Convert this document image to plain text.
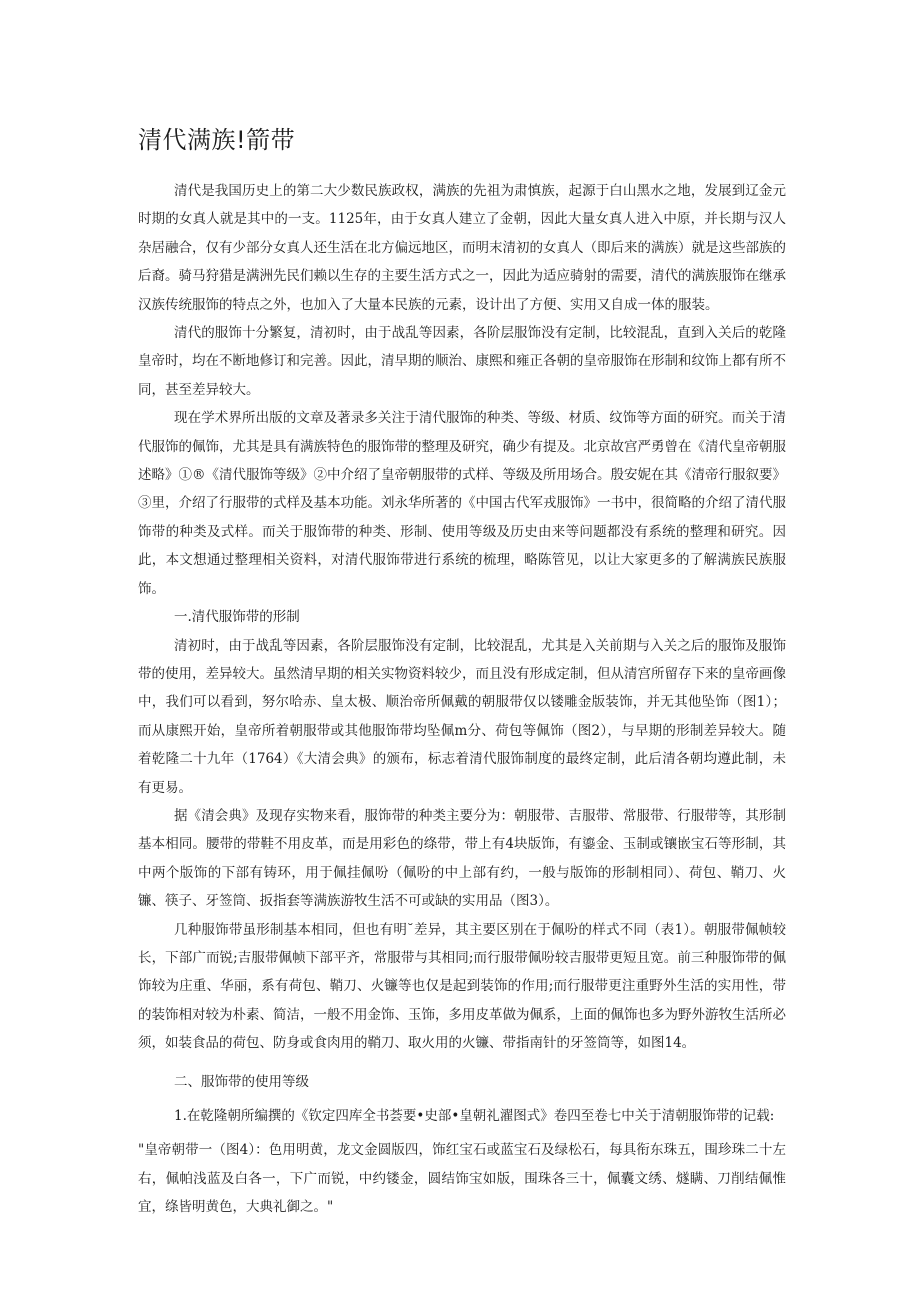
清代满族!箭带

清代是我国历史上的第二大少数民族政权，满族的先祖为肃慎族，起源于白山黑水之地，发展到辽金元时期的女真人就是其中的一支。1125年，由于女真人建立了金朝，因此大量女真人进入中原，并长期与汉人杂居融合，仅有少部分女真人还生活在北方偏远地区，而明末清初的女真人（即后来的满族）就是这些部族的后裔。骑马狩猎是满洲先民们赖以生存的主要生活方式之一，因此为适应骑射的需要，清代的满族服饰在继承汉族传统服饰的特点之外，也加入了大量本民族的元素，设计出了方便、实用又自成一体的服装。

清代的服饰十分繁复，清初时，由于战乱等因素，各阶层服饰没有定制，比较混乱，直到入关后的乾隆皇帝时，均在不断地修订和完善。因此，清早期的顺治、康熙和雍正各朝的皇帝服饰在形制和纹饰上都有所不同，甚至差异较大。

现在学术界所出版的文章及著录多关注于清代服饰的种类、等级、材质、纹饰等方面的研究。而关于清代服饰的佩饰，尤其是具有满族特色的服饰带的整理及研究，确少有提及。北京故宫严勇曾在《清代皇帝朝服述略》①®《清代服饰等级》②中介绍了皇帝朝服带的式样、等级及所用场合。殷安妮在其《清帝行服叙要》③里，介绍了行服带的式样及基本功能。刘永华所著的《中国古代军戎服饰》一书中，很简略的介绍了清代服饰带的种类及式样。而关于服饰带的种类、形制、使用等级及历史由来等问题都没有系统的整理和研究。因此，本文想通过整理相关资料，对清代服饰带进行系统的梳理，略陈管见，以让大家更多的了解满族民族服饰。

一.清代服饰带的形制

清初时，由于战乱等因素，各阶层服饰没有定制，比较混乱，尤其是入关前期与入关之后的服饰及服饰带的使用，差异较大。虽然清早期的相关实物资料较少，而且没有形成定制，但从清宫所留存下来的皇帝画像中，我们可以看到，努尔哈赤、皇太极、顺治帝所佩戴的朝服带仅以镂雕金版装饰，并无其他坠饰（图1）；而从康熙开始，皇帝所着朝服带或其他服饰带均坠佩m分、荷包等佩饰（图2），与早期的形制差异较大。随着乾隆二十九年（1764）《大清会典》的颁布，标志着清代服饰制度的最终定制，此后清各朝均遵此制，未有更易。

据《清会典》及现存实物来看，服饰带的种类主要分为：朝服带、吉服带、常服带、行服带等，其形制基本相同。腰带的带鞋不用皮革，而是用彩色的绦带，带上有4块版饰，有鎏金、玉制或镶嵌宝石等形制，其中两个版饰的下部有铸环，用于佩挂佩吩（佩吩的中上部有约，一般与版饰的形制相同）、荷包、鞘刀、火镰、筷子、牙签筒、扳指套等满族游牧生活不可或缺的实用品（图3）。

几种服饰带虽形制基本相同，但也有明˘差异，其主要区别在于佩吩的样式不同（表1）。朝服带佩帧较长，下部广而锐;吉服带佩帧下部平齐，常服带与其相同;而行服带佩吩较吉服带更短且宽。前三种服饰带的佩饰较为庄重、华丽，系有荷包、鞘刀、火镰等也仅是起到装饰的作用;而行服带更注重野外生活的实用性，带的装饰相对较为朴素、简洁，一般不用金饰、玉饰，多用皮革做为佩系，上面的佩饰也多为野外游牧生活所必须，如装食品的荷包、防身或食肉用的鞘刀、取火用的火镰、带指南针的牙签筒等，如图14。

二、服饰带的使用等级

1.在乾隆朝所编撰的《钦定四库全书荟要•史部•皇朝礼濯图式》卷四至卷七中关于清朝服饰带的记载:

"皇帝朝带一（图4）：色用明黄，龙文金圆版四，饰红宝石或蓝宝石及绿松石，每具衔东珠五，围珍珠二十左右，佩帕浅蓝及白各一，下广而锐，中约镂金，圆结饰宝如版，围珠各三十，佩囊文绣、燧瞒、刀削结佩惟宜，绦皆明黄色，大典礼御之。"
